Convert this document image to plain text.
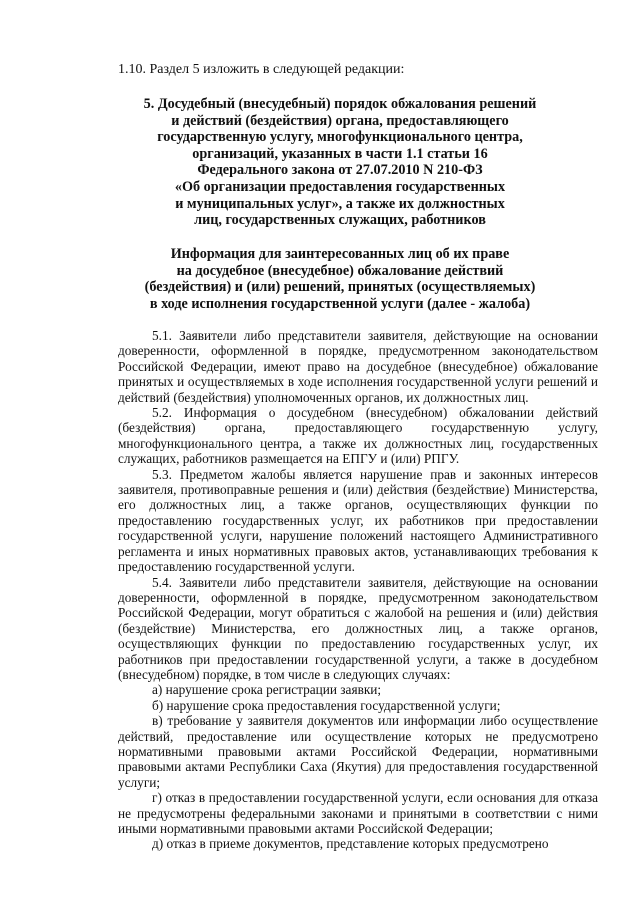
1.10. Раздел 5 изложить в следующей редакции:
5. Досудебный (внесудебный) порядок обжалования решений
и действий (бездействия) органа, предоставляющего
государственную услугу, многофункционального центра,
организаций, указанных в части 1.1 статьи 16
Федерального закона от 27.07.2010 N 210-ФЗ
«Об организации предоставления государственных
и муниципальных услуг», а также их должностных
лиц, государственных служащих, работников
Информация для заинтересованных лиц об их праве
на досудебное (внесудебное) обжалование действий
(бездействия) и (или) решений, принятых (осуществляемых)
в ходе исполнения государственной услуги (далее - жалоба)

5.1. Заявители либо представители заявителя, действующие на основании доверенности, оформленной в порядке, предусмотренном законодательством Российской Федерации, имеют право на досудебное (внесудебное) обжалование принятых и осуществляемых в ходе исполнения государственной услуги решений и действий (бездействия) уполномоченных органов, их должностных лиц.

5.2. Информация о досудебном (внесудебном) обжаловании действий (бездействия) органа, предоставляющего государственную услугу, многофункционального центра, а также их должностных лиц, государственных служащих, работников размещается на ЕПГУ и (или) РПГУ.

5.3. Предметом жалобы является нарушение прав и законных интересов заявителя, противоправные решения и (или) действия (бездействие) Министерства, его должностных лиц, а также органов, осуществляющих функции по предоставлению государственных услуг, их работников при предоставлении государственной услуги, нарушение положений настоящего Административного регламента и иных нормативных правовых актов, устанавливающих требования к предоставлению государственной услуги.

5.4. Заявители либо представители заявителя, действующие на основании доверенности, оформленной в порядке, предусмотренном законодательством Российской Федерации, могут обратиться с жалобой на решения и (или) действия (бездействие) Министерства, его должностных лиц, а также органов, осуществляющих функции по предоставлению государственных услуг, их работников при предоставлении государственной услуги, а также в досудебном (внесудебном) порядке, в том числе в следующих случаях:

а) нарушение срока регистрации заявки;

б) нарушение срока предоставления государственной услуги;

в) требование у заявителя документов или информации либо осуществление действий, предоставление или осуществление которых не предусмотрено нормативными правовыми актами Российской Федерации, нормативными правовыми актами Республики Саха (Якутия) для предоставления государственной услуги;

г) отказ в предоставлении государственной услуги, если основания для отказа не предусмотрены федеральными законами и принятыми в соответствии с ними иными нормативными правовыми актами Российской Федерации;

д) отказ в приеме документов, представление которых предусмотрено
